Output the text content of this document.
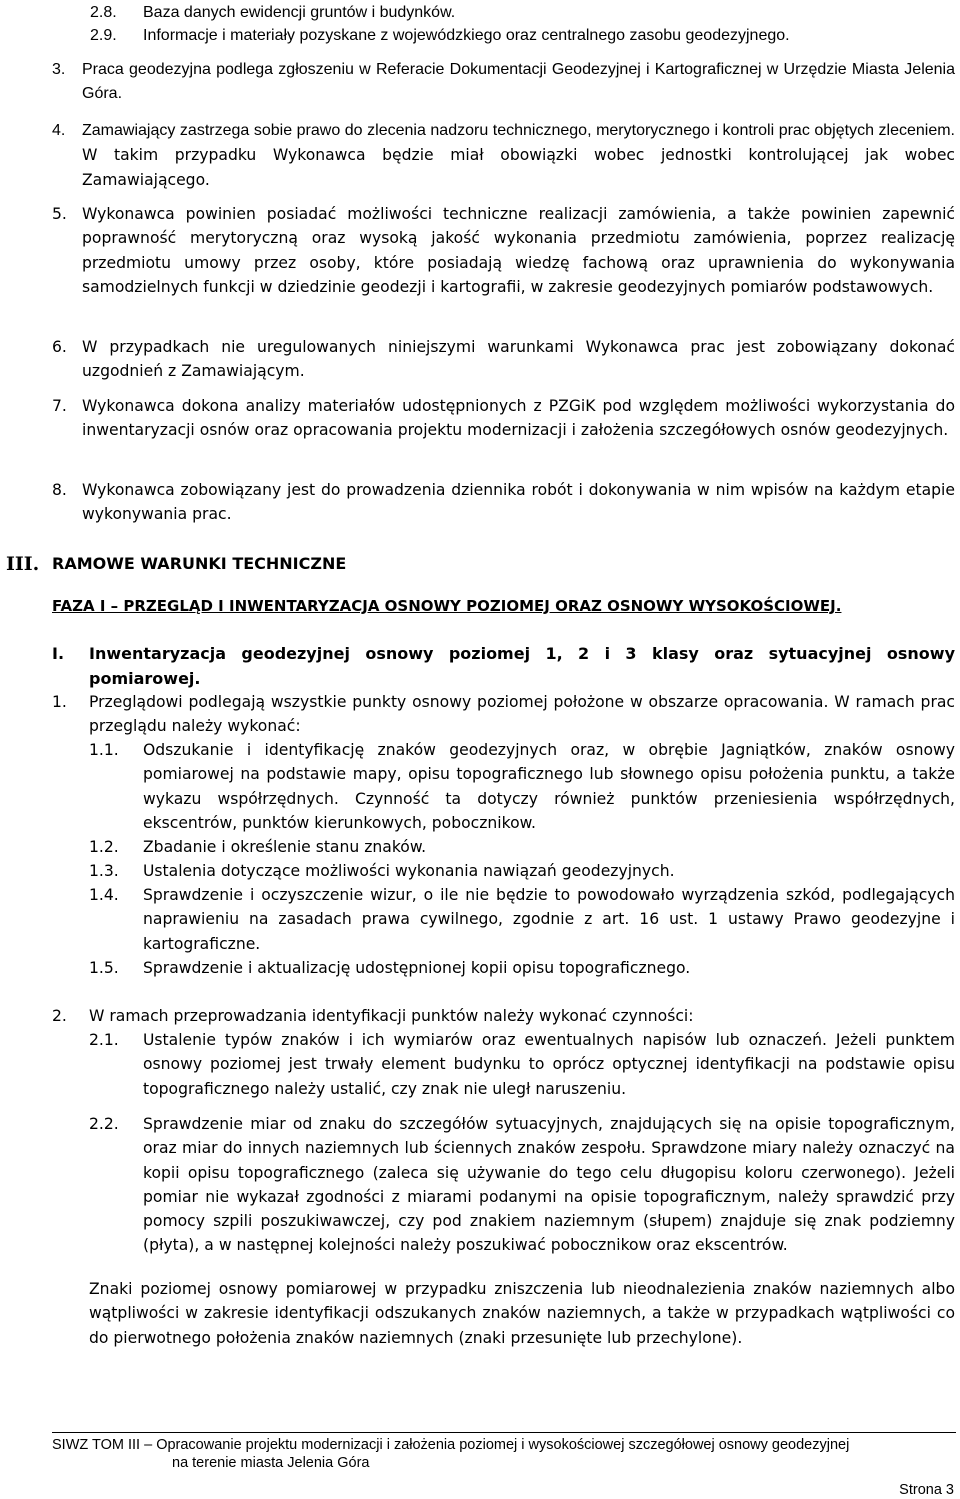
2.8. Baza danych ewidencji gruntów i budynków.
2.9. Informacje i materiały pozyskane z wojewódzkiego oraz centralnego zasobu geodezyjnego.
3. Praca geodezyjna podlega zgłoszeniu w Referacie Dokumentacji Geodezyjnej i Kartograficznej w Urzędzie Miasta Jelenia Góra.
4. Zamawiający zastrzega sobie prawo do zlecenia nadzoru technicznego, merytorycznego i kontroli prac objętych zleceniem. W takim przypadku Wykonawca będzie miał obowiązki wobec jednostki kontrolującej jak wobec Zamawiającego.
5. Wykonawca powinien posiadać możliwości techniczne realizacji zamówienia, a także powinien zapewnić poprawność merytoryczną oraz wysoką jakość wykonania przedmiotu zamówienia, poprzez realizację przedmiotu umowy przez osoby, które posiadają wiedzę fachową oraz uprawnienia do wykonywania samodzielnych funkcji w dziedzinie geodezji i kartografii, w zakresie geodezyjnych pomiarów podstawowych.
6. W przypadkach nie uregulowanych niniejszymi warunkami Wykonawca prac jest zobowiązany dokonać uzgodnień z Zamawiającym.
7. Wykonawca dokona analizy materiałów udostępnionych z PZGiK pod względem możliwości wykorzystania do inwentaryzacji osnów oraz opracowania projektu modernizacji i założenia szczegółowych osnów geodezyjnych.
8. Wykonawca zobowiązany jest do prowadzenia dziennika robót i dokonywania w nim wpisów na każdym etapie wykonywania prac.
III. RAMOWE WARUNKI TECHNICZNE
FAZA I – PRZEGLĄD I INWENTARYZACJA OSNOWY POZIOMEJ ORAZ OSNOWY WYSOKOŚCIOWEJ.
I. Inwentaryzacja geodezyjnej osnowy poziomej 1, 2 i 3 klasy oraz sytuacyjnej osnowy pomiarowej.
1. Przeglądowi podlegają wszystkie punkty osnowy poziomej położone w obszarze opracowania. W ramach prac przeglądu należy wykonać:
1.1. Odszukanie i identyfikację znaków geodezyjnych oraz, w obrębie Jagniątków, znaków osnowy pomiarowej na podstawie mapy, opisu topograficznego lub słownego opisu położenia punktu, a także wykazu współrzędnych. Czynność ta dotyczy również punktów przeniesienia współrzędnych, ekscentrów, punktów kierunkowych, pobocznikow.
1.2. Zbadanie i określenie stanu znaków.
1.3. Ustalenia dotyczące możliwości wykonania nawiązań geodezyjnych.
1.4. Sprawdzenie i oczyszczenie wizur, o ile nie będzie to powodowało wyrządzenia szkód, podlegających naprawieniu na zasadach prawa cywilnego, zgodnie z art. 16 ust. 1 ustawy Prawo geodezyjne i kartograficzne.
1.5. Sprawdzenie i aktualizację udostępnionej kopii opisu topograficznego.
2. W ramach przeprowadzania identyfikacji punktów należy wykonać czynności:
2.1. Ustalenie typów znaków i ich wymiarów oraz ewentualnych napisów lub oznaczeń. Jeżeli punktem osnowy poziomej jest trwały element budynku to oprócz optycznej identyfikacji na podstawie opisu topograficznego należy ustalić, czy znak nie uległ naruszeniu.
2.2. Sprawdzenie miar od znaku do szczegółów sytuacyjnych, znajdujących się na opisie topograficznym, oraz miar do innych naziemnych lub ściennych znaków zespołu. Sprawdzone miary należy oznaczyć na kopii opisu topograficznego (zaleca się używanie do tego celu długopisu koloru czerwonego). Jeżeli pomiar nie wykazał zgodności z miarami podanymi na opisie topograficznym, należy sprawdzić przy pomocy szpili poszukiwawczej, czy pod znakiem naziemnym (słupem) znajduje się znak podziemny (płyta), a w następnej kolejności należy poszukiwać pobocznikow oraz ekscentrów.
Znaki poziomej osnowy pomiarowej w przypadku zniszczenia lub nieodnalezienia znaków naziemnych albo wątpliwości w zakresie identyfikacji odszukanych znaków naziemnych, a także w przypadkach wątpliwości co do pierwotnego położenia znaków naziemnych (znaki przesunięte lub przechylone).
SIWZ TOM III – Opracowanie projektu modernizacji i założenia poziomej i wysokościowej szczegółowej osnowy geodezyjnej
na terenie miasta Jelenia Góra
Strona 3
